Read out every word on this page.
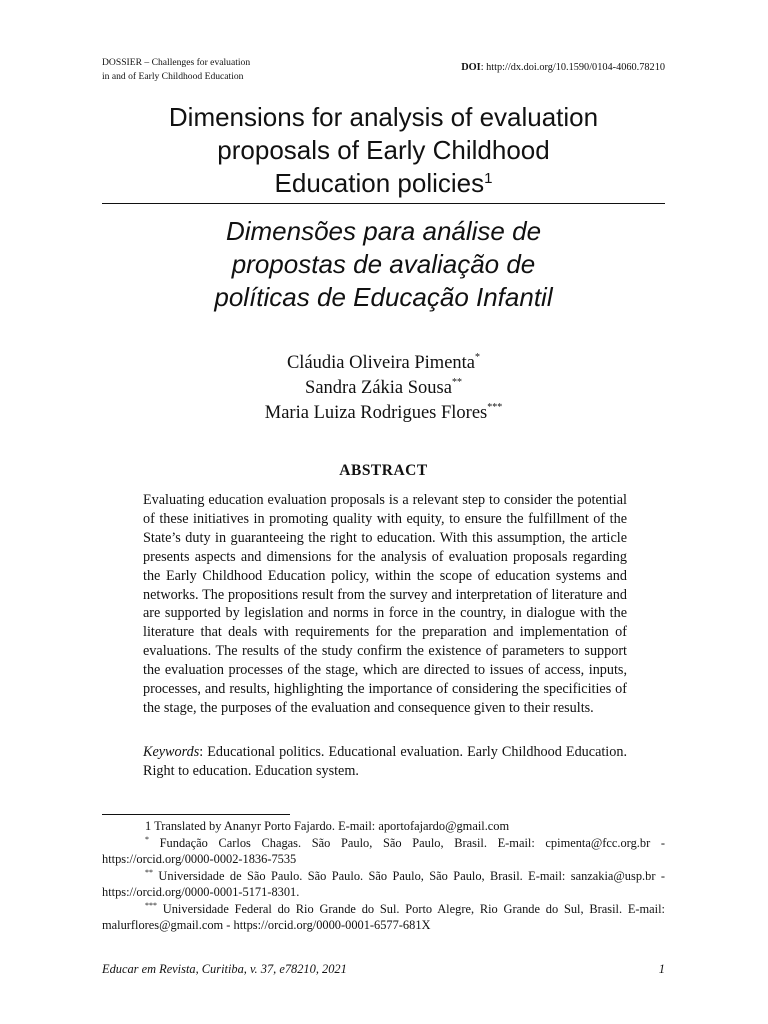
DOSSIER – Challenges for evaluation
in and of Early Childhood Education
DOI: http://dx.doi.org/10.1590/0104-4060.78210
Dimensions for analysis of evaluation
proposals of Early Childhood
Education policies$^1$
Dimensões para análise de
propostas de avaliação de
políticas de Educação Infantil
Cláudia Oliveira Pimenta*
Sandra Zákia Sousa**
Maria Luiza Rodrigues Flores***
ABSTRACT
Evaluating education evaluation proposals is a relevant step to consider the potential of these initiatives in promoting quality with equity, to ensure the fulfillment of the State’s duty in guaranteeing the right to education. With this assumption, the article presents aspects and dimensions for the analysis of evaluation proposals regarding the Early Childhood Education policy, within the scope of education systems and networks. The propositions result from the survey and interpretation of literature and are supported by legislation and norms in force in the country, in dialogue with the literature that deals with requirements for the preparation and implementation of evaluations. The results of the study confirm the existence of parameters to support the evaluation processes of the stage, which are directed to issues of access, inputs, processes, and results, highlighting the importance of considering the specificities of the stage, the purposes of the evaluation and consequence given to their results.
Keywords: Educational politics. Educational evaluation. Early Childhood Education. Right to education. Education system.

1 Translated by Ananyr Porto Fajardo. E-mail: aportofajardo@gmail.com

* Fundação Carlos Chagas. São Paulo, São Paulo, Brasil. E-mail: cpimenta@fcc.org.br - https://orcid.org/0000-0002-1836-7535

** Universidade de São Paulo. São Paulo. São Paulo, São Paulo, Brasil. E-mail: sanzakia@usp.br - https://orcid.org/0000-0001-5171-8301.

*** Universidade Federal do Rio Grande do Sul. Porto Alegre, Rio Grande do Sul, Brasil. E-mail: malurflores@gmail.com - https://orcid.org/0000-0001-6577-681X

Educar em Revista, Curitiba, v. 37, e78210, 2021	1
